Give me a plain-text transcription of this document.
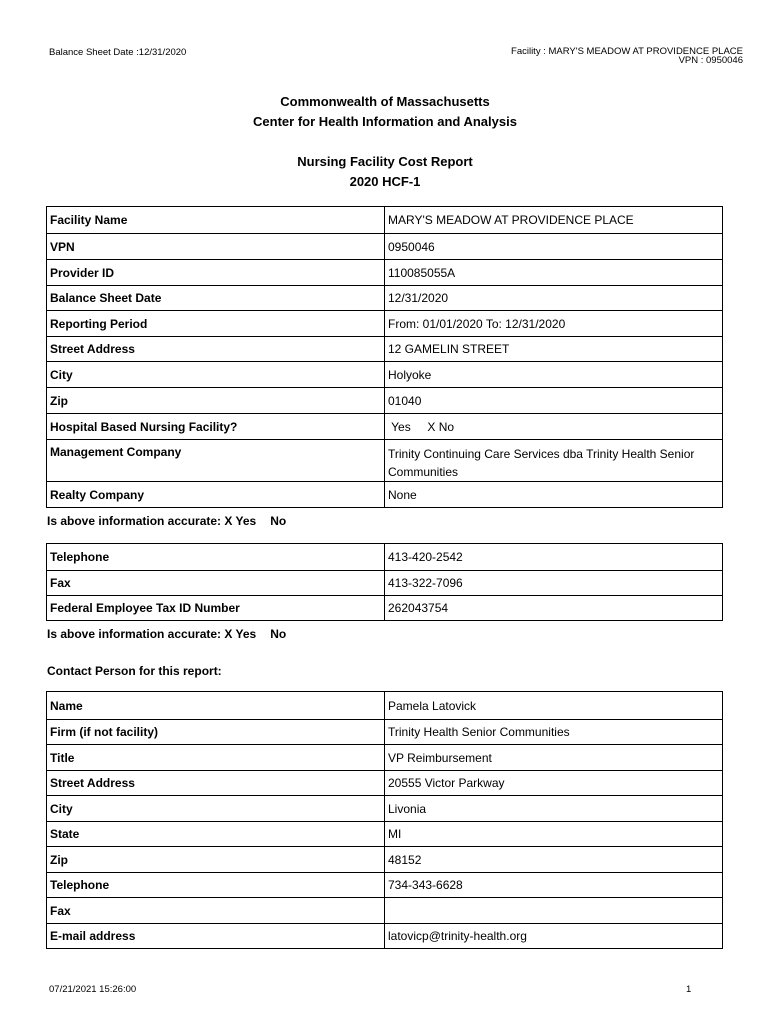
Balance Sheet Date :12/31/2020	Facility : MARY'S MEADOW AT PROVIDENCE PLACE
VPN : 0950046
Commonwealth of Massachusetts
Center for Health Information and Analysis
Nursing Facility Cost Report
2020 HCF-1
Facility Name	MARY'S MEADOW AT PROVIDENCE PLACE
VPN	0950046
Provider ID	110085055A
Balance Sheet Date	12/31/2020
Reporting Period	From: 01/01/2020 To: 12/31/2020
Street Address	12 GAMELIN STREET
City	Holyoke
Zip	01040
Hospital Based Nursing Facility?	Yes     X No
Management Company	Trinity Continuing Care Services dba Trinity Health Senior Communities
Realty Company	None
Is above information accurate: X Yes No
Telephone	413-420-2542
Fax	413-322-7096
Federal Employee Tax ID Number	262043754
Is above information accurate: X Yes No
Contact Person for this report:
Name	Pamela Latovick
Firm (if not facility)	Trinity Health Senior Communities
Title	VP Reimbursement
Street Address	20555 Victor Parkway
City	Livonia
State	MI
Zip	48152
Telephone	734-343-6628
Fax	
E-mail address	latovicp@trinity-health.org
07/21/2021 15:26:00	1
